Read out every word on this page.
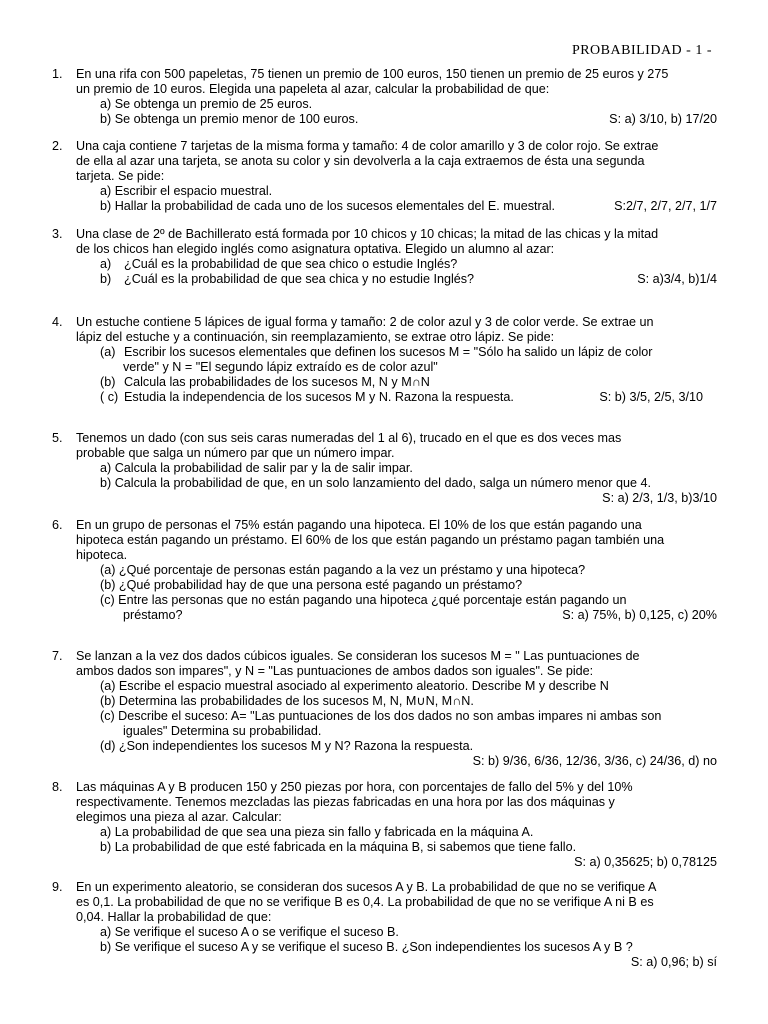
PROBABILIDAD - 1 -
1.	En una rifa con 500 papeletas, 75 tienen un premio de 100 euros, 150 tienen un premio de 25 euros y 275
un premio de 10 euros. Elegida una papeleta al azar, calcular la probabilidad de que:
a) Se obtenga un premio de 25 euros.
b) Se obtenga un premio menor de 100 euros.	S: a) 3/10, b) 17/20
2.	Una caja contiene 7 tarjetas de la misma forma y tamaño: 4 de color amarillo y 3 de color rojo. Se extrae
de ella al azar una tarjeta, se anota su color y sin devolverla a la caja extraemos de ésta una segunda
tarjeta. Se pide:
a) Escribir el espacio muestral.
b) Hallar la probabilidad de cada uno de los sucesos elementales del E. muestral.	S:2/7, 2/7, 2/7, 1/7
3.	Una clase de 2º de Bachillerato está formada por 10 chicos y 10 chicas; la mitad de las chicas y la mitad
de los chicos han elegido inglés como asignatura optativa. Elegido un alumno al azar:
a) ¿Cuál es la probabilidad de que sea chico o estudie Inglés?
b) ¿Cuál es la probabilidad de que sea chica y no estudie Inglés?	S: a)3/4, b)1/4
4.	Un estuche contiene 5 lápices de igual forma y tamaño: 2 de color azul y 3 de color verde. Se extrae un
lápiz del estuche y a continuación, sin reemplazamiento, se extrae otro lápiz. Se pide:
(a) Escribir los sucesos elementales que definen los sucesos M = "Sólo ha salido un lápiz de color
verde" y N = "El segundo lápiz extraído es de color azul"
(b) Calcula las probabilidades de los sucesos M, N y M∩N
( c) Estudia la independencia de los sucesos M y N. Razona la respuesta.	S: b) 3/5, 2/5, 3/10
5.	Tenemos un dado (con sus seis caras numeradas del 1 al 6), trucado en el que es dos veces mas
probable que salga un número par que un número impar.
a) Calcula la probabilidad de salir par y la de salir impar.
b) Calcula la probabilidad de que, en un solo lanzamiento del dado, salga un número menor que 4.
S: a) 2/3, 1/3, b)3/10
6.	En un grupo de personas el 75% están pagando una hipoteca. El 10% de los que están pagando una
hipoteca están pagando un préstamo. El 60% de los que están pagando un préstamo pagan también una
hipoteca.
(a) ¿Qué porcentaje de personas están pagando a la vez un préstamo y una hipoteca?
(b) ¿Qué probabilidad hay de que una persona esté pagando un préstamo?
(c) Entre las personas que no están pagando una hipoteca ¿qué porcentaje están pagando un
préstamo?	S: a) 75%, b) 0,125, c) 20%
7.	Se lanzan a la vez dos dados cúbicos iguales. Se consideran los sucesos M = " Las puntuaciones de
ambos dados son impares", y N = "Las puntuaciones de ambos dados son iguales". Se pide:
(a) Escribe el espacio muestral asociado al experimento aleatorio. Describe M y describe N
(b) Determina las probabilidades de los sucesos M, N, M∪N, M∩N.
(c) Describe el suceso: A= "Las puntuaciones de los dos dados no son ambas impares ni ambas son
iguales" Determina su probabilidad.
(d) ¿Son independientes los sucesos M y N? Razona la respuesta.
S: b) 9/36, 6/36, 12/36, 3/36, c) 24/36, d) no
8.	Las máquinas A y B producen 150 y 250 piezas por hora, con porcentajes de fallo del 5% y del 10%
respectivamente. Tenemos mezcladas las piezas fabricadas en una hora por las dos máquinas y
elegimos una pieza al azar. Calcular:
a) La probabilidad de que sea una pieza sin fallo y fabricada en la máquina A.
b) La probabilidad de que esté fabricada en la máquina B, si sabemos que tiene fallo.
S: a) 0,35625; b) 0,78125
9.	En un experimento aleatorio, se consideran dos sucesos A y B. La probabilidad de que no se verifique A
es 0,1. La probabilidad de que no se verifique B es 0,4. La probabilidad de que no se verifique A ni B es
0,04. Hallar la probabilidad de que:
a) Se verifique el suceso A o se verifique el suceso B.
b) Se verifique el suceso A y se verifique el suceso B. ¿Son independientes los sucesos A y B ?
S: a) 0,96; b) sí
